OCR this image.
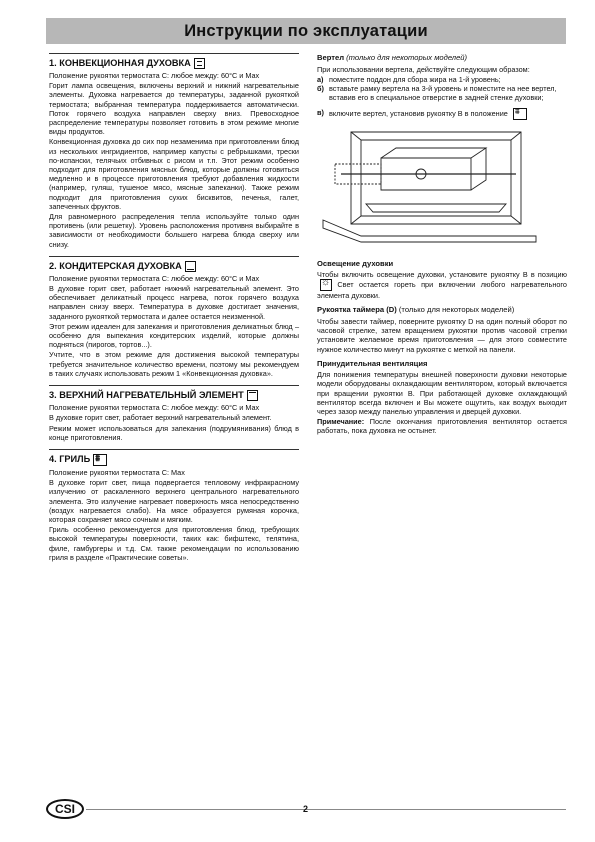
Инструкции по эксплуатации
1. КОНВЕКЦИОННАЯ ДУХОВКА

Положение рукоятки термостата C: любое между: 60°C и Max

Горит лампа освещения, включены верхний и нижний нагревательные элементы. Духовка нагревается до температуры, заданной рукояткой термостата; выбранная температура поддерживается автоматически. Поток горячего воздуха направлен сверху вниз. Превосходное распределение температуры позволяет готовить в этом режиме многие виды продуктов.

Конвекционная духовка до сих пор незаменима при приготовлении блюд из нескольких ингридиентов, например капусты с ребрышками, трески по-испански, телячьих отбивных с рисом и т.п. Этот режим особенно подходит для приготовления мясных блюд, которые должны готовиться медленно и в процессе приготовления требуют добавления жидкости (например, гуляш, тушеное мясо, мясные запеканки). Также режим подходит для приготовления сухих бисквитов, печенья, галет, запеченных фруктов.

Для равномерного распределения тепла используйте только один противень (или решетку). Уровень расположения противня выбирайте в зависимости от необходимости большего нагрева блюда сверху или снизу.

2. КОНДИТЕРСКАЯ ДУХОВКА

Положение рукоятки термостата C: любое между: 60°C и Max

В духовке горит свет, работает нижний нагревательный элемент. Это обеспечивает деликатный процесс нагрева, поток горячего воздуха направлен снизу вверх. Температура в духовке достигает значения, заданного рукояткой термостата и далее остается неизменной.

Этот режим идеален для запекания и приготовления деликатных блюд – особенно для выпекания кондитерских изделий, которые должны подняться (пирогов, тортов...).

Учтите, что в этом режиме для достижения высокой температуры требуется значительное количество времени, поэтому мы рекомендуем в таких случаях использовать режим 1 «Конвекционная духовка».

3. ВЕРХНИЙ НАГРЕВАТЕЛЬНЫЙ ЭЛЕМЕНТ

Положение рукоятки термостата C: любое между: 60°C и Max

В духовке горит свет, работает верхний нагревательный элемент.

Режим может использоваться для запекания (подрумянивания) блюд в конце приготовления.

4. ГРИЛЬ
⩩

Положение рукоятки термостата C: Max

В духовке горит свет, пища подвергается тепловому инфракрасному излучению от раскаленного верхнего центрального нагревательного элемента. Это излучение нагревает поверхность мяса непосредственно (воздух нагревается слабо). На мясе образуется румяная корочка, которая сохраняет мясо сочным и мягким.

Гриль особенно рекомендуется для приготовления блюд, требующих высокой температуры поверхности, таких как: бифштекс, телятина, филе, гамбургеры и т.д. См. также рекомендации по использованию гриля в разделе «Практические советы».

Вертел (только для некоторых моделей)

При использовании вертела, действуйте следующим образом:

а) поместите поддон для сбора жира на 1-й уровень;
б) вставьте рамку вертела на 3-й уровень и поместите на нее вертел, вставив его в специальное отверстие в задней стенке духовки;
в) включите вертел, установив рукоятку B в положение ⩩
Освещение духовки

Чтобы включить освещение духовки, установите рукоятку B в позицию ☼ Свет остается гореть при включении любого нагревательного элемента духовки.

Рукоятка таймера (D) (только для некоторых моделей)

Чтобы завести таймер, поверните рукоятку D на один полный оборот по часовой стрелке, затем вращением рукоятки против часовой стрелки установите желаемое время приготовления — для этого совместите нужное количество минут на рукоятке с меткой на панели.

Принудительная вентиляция

Для понижения температуры внешней поверхности духовки некоторые модели оборудованы охлаждающим вентилятором, который включается при вращении рукоятки B. При работающей духовке охлаждающий вентилятор всегда включен и Вы можете ощутить, как воздух выходит через зазор между панелью управления и дверцей духовки.

Примечание: После окончания приготовления вентилятор остается работать, пока духовка не остынет.

CSI	2
